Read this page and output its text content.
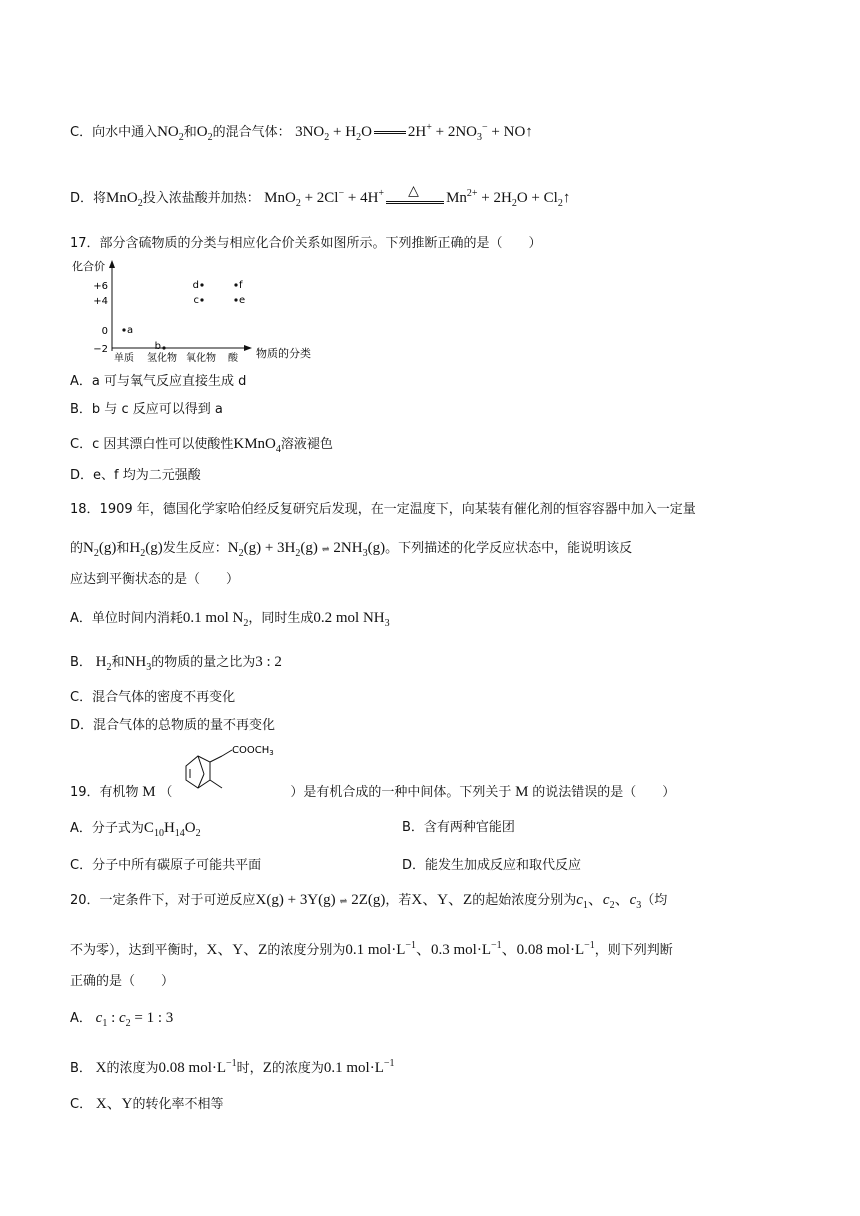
C．向水中通入$NO_2$和$O_2$的混合气体： $3NO_2 + H_2O$ $2H^+ + 2NO_3^-$ + NO↑
D．将MnO$_2$投入浓盐酸并加热： MnO$_2$ + 2Cl− + 4H+ △ $Mn^{2+} + 2H_2O$ + $Cl_2↑$
17．部分含硫物质的分类与相应化合价关系如图所示。下列推断正确的是（　　）
化合价
物质的分类
+6
+4
0
−2
单质 氢化物 氧化物 酸
a
b
c
d
e
f
A．a 可与氧气反应直接生成 d
B．b 与 c 反应可以得到 a
C．c 因其漂白性可以使酸性KMnO$_4$溶液褪色
D．e、f 均为二元强酸
18．1909 年，德国化学家哈伯经反复研究后发现，在一定温度下，向某装有催化剂的恒容容器中加入一定量
的$N_2(g)$和$H_2(g)$发生反应：$N_2(g) + 3H_2(g)$ ⇌ $2NH_3(g)$。下列描述的化学反应状态中，能说明该反
应达到平衡状态的是（　　）
A．单位时间内消耗0.1 mol $N_2$，同时生成0.2 mol $NH_3$
B． $H_2$和$NH_3$的物质的量之比为3 : 2
C．混合气体的密度不再变化
D．混合气体的总物质的量不再变化
$COOCH_3$
19．有机物 M （	）是有机合成的一种中间体。下列关于 M 的说法错误的是（　　）
A．分子式为$C_{10}H_{14}O_2$	B．含有两种官能团
C．分子中所有碳原子可能共平面	D．能发生加成反应和取代反应
20．一定条件下，对于可逆反应X(g) + 3Y(g) ⇌ 2Z(g)，若X、Y、Z的起始浓度分别为$c_1$、$c_2$、$c_3$（均
不为零），达到平衡时，X、Y、Z的浓度分别为0.1 $mol\cdot L^{-1}$、0.3 $mol\cdot L^{-1}$、0.08 $mol\cdot L^{-1}$，则下列判断
正确的是（　　）
A． $c_1$ : $c_2 = 1$ : 3
B． X的浓度为0.08 $mol\cdot L^{-1}$时，Z的浓度为0.1 $mol\cdot L^{-1}$
C． X、Y的转化率不相等
